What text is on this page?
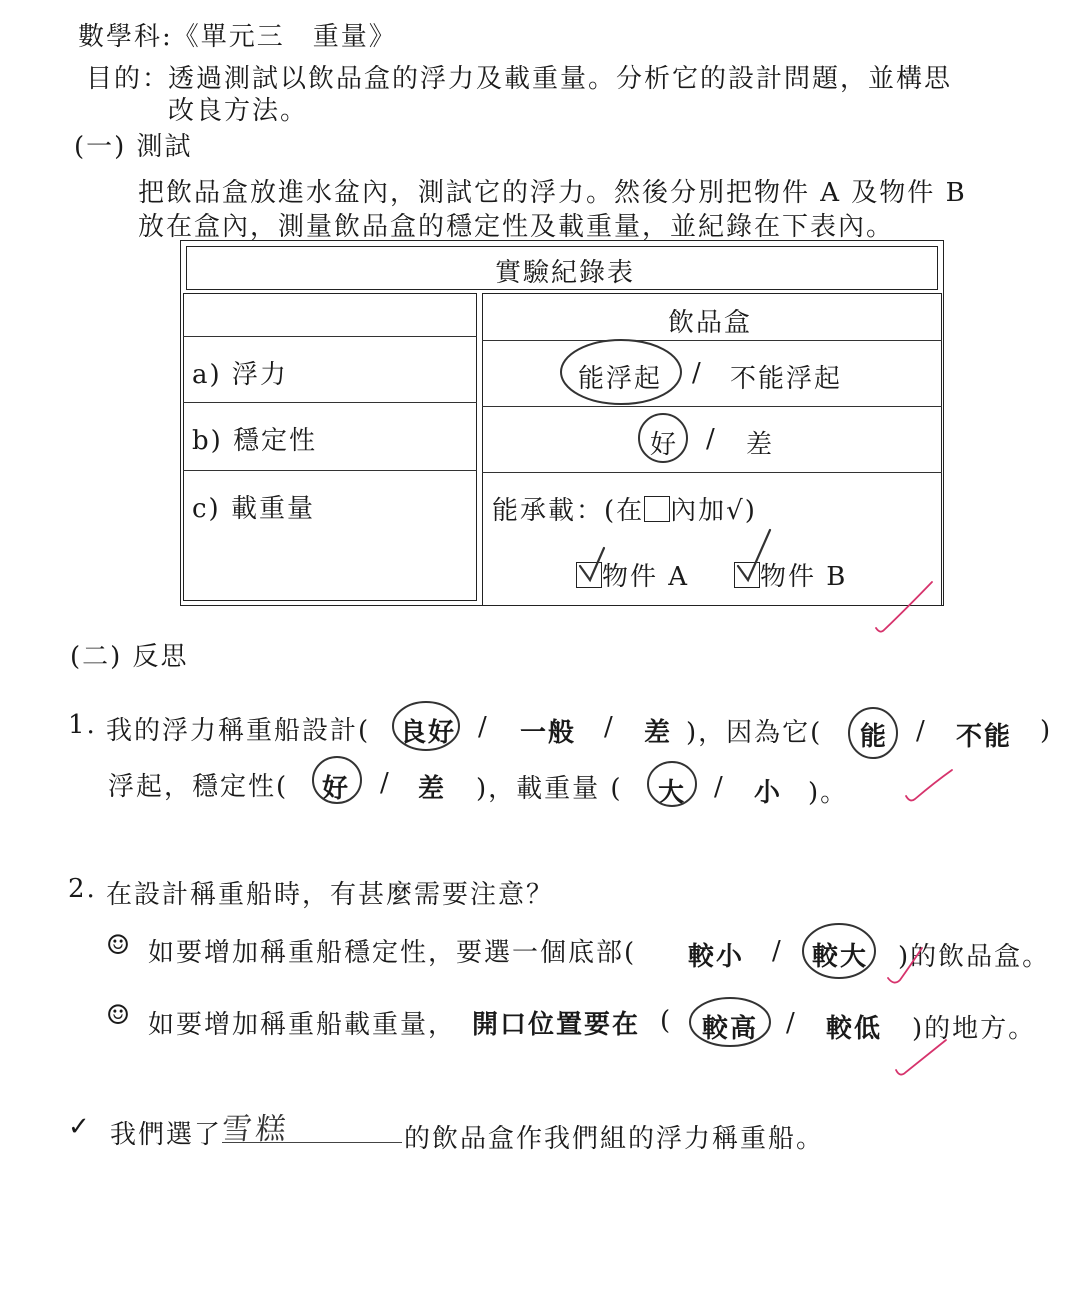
數學科:《單元三　重量》
目的：
透過測試以飲品盒的浮力及載重量。分析它的設計問題，並構思
改良方法。
(一) 測試
把飲品盒放進水盆內，測試它的浮力。然後分別把物件 A 及物件 B
放在盒內，測量飲品盒的穩定性及載重量，並紀錄在下表內。
實驗紀錄表
飲品盒
a) 浮力	能浮起 / 不能浮起
b) 穩定性	好 / 差
c) 載重量	能承載：(在 內加√)
物件 A	物件 B
(二) 反思
1. 我的浮力稱重船設計( 良好 / 一般 / 差 )，因為它( 能 / 不能 )
浮起，穩定性( 好 / 差 )，載重量 ( 大 / 小 )。
2. 在設計稱重船時，有甚麼需要注意？
☺ 如要增加稱重船穩定性，要選一個底部( 較小 / 較大 )的飲品盒。
☺ 如要增加稱重船載重量， 開口位置要在 ( 較高 / 較低 )的地方。
✓ 我們選了
雪糕	的飲品盒作我們組的浮力稱重船。
